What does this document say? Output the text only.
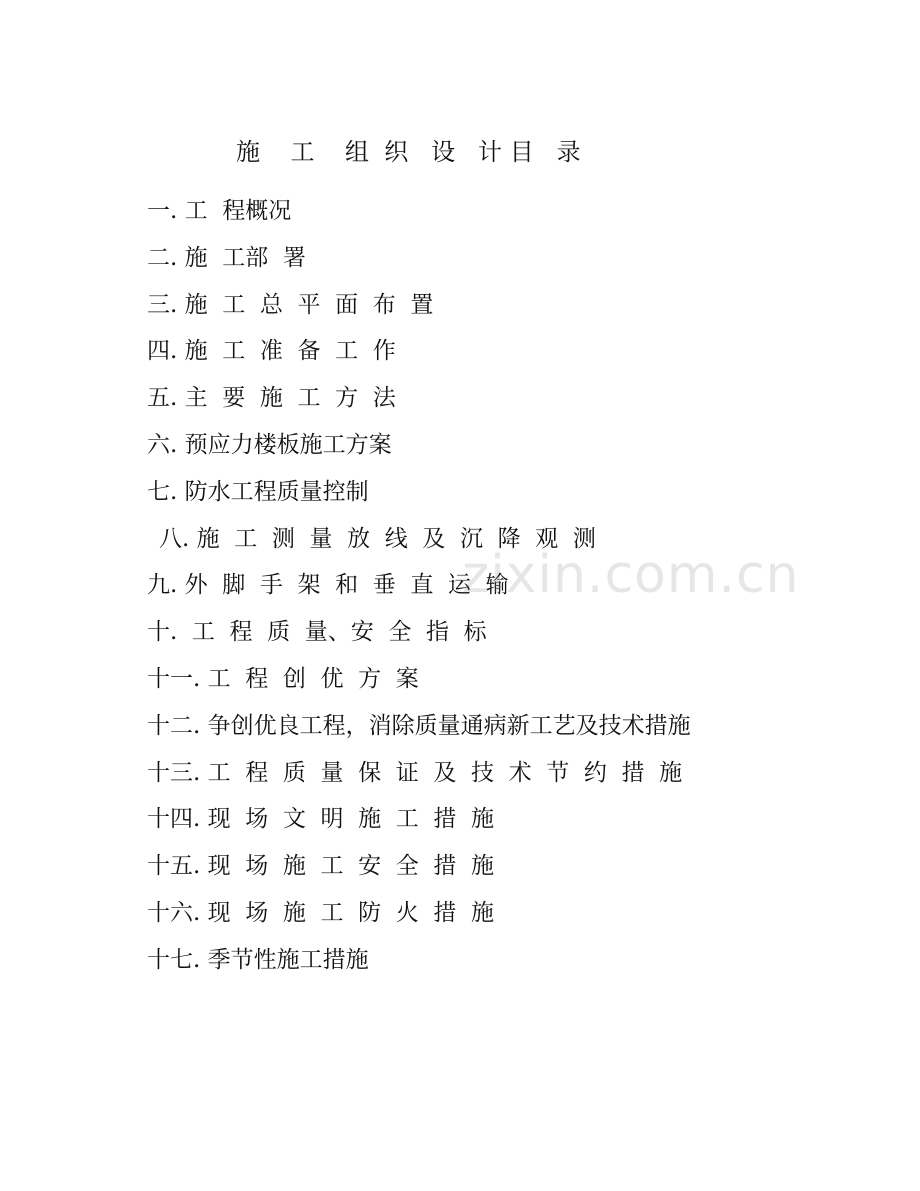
施    工    组  织   设   计 目   录
一. 工  程概况
二. 施  工部  署
三. 施  工  总  平  面  布  置
四. 施  工  准  备  工  作
五. 主  要  施  工  方  法
六. 预应力楼板施工方案
七. 防水工程质量控制
八. 施  工  测  量  放  线  及  沉  降  观  测
九. 外  脚  手  架  和  垂  直  运  输
十.  工  程  质  量、安  全  指  标
十一. 工  程  创  优  方  案
十二. 争创优良工程，消除质量通病新工艺及技术措施
十三. 工  程  质  量  保  证  及  技  术  节  约  措  施
十四. 现  场  文  明  施  工  措  施
十五. 现  场  施  工  安  全  措  施
十六. 现  场  施  工  防  火  措  施
十七. 季节性施工措施
zixin.com.cn
